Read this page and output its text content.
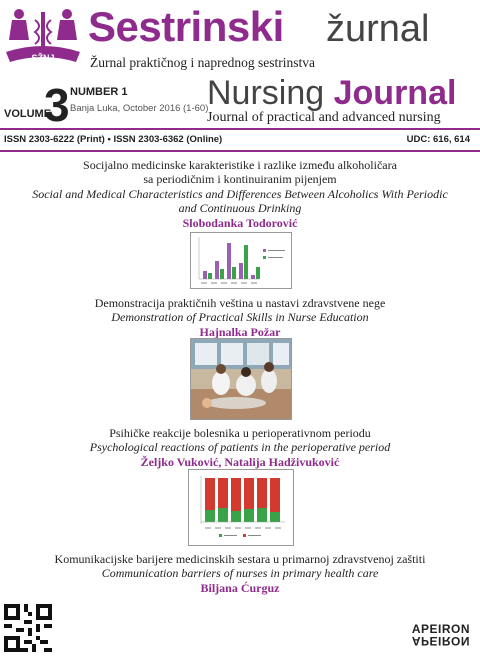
SŽNJ
Sestrinski žurnal
Žurnal praktičnog i naprednog sestrinstva
VOLUME
3 NUMBER 1
Banja Luka, October 2016 (1-60)
Nursing Journal
Journal of practical and advanced nursing
ISSN 2303-6222 (Print) • ISSN 2303-6362 (Online)	UDC: 616, 614
Socijalno medicinske karakteristike i razlike između alkoholičara
sa periodičnim i kontinuiranim pijenjem
Social and Medical Characteristics and Differences Between Alcoholics With Periodic
and Continuous Drinking
Slobodanka Todorović
Demonstracija praktičnih veština u nastavi zdravstvene nege
Demonstration of Practical Skills in Nurse Education
Hajnalka Požar
Psihičke reakcije bolesnika u perioperativnom periodu
Psychological reactions of patients in the perioperative period
Željko Vuković, Natalija Hadživuković
Komunikacijske barijere medicinskih sestara u primarnoj zdravstvenoj zaštiti
Communication barriers of nurses in primary health care
Biljana Ćurguz
APEIRON
APEIRON
